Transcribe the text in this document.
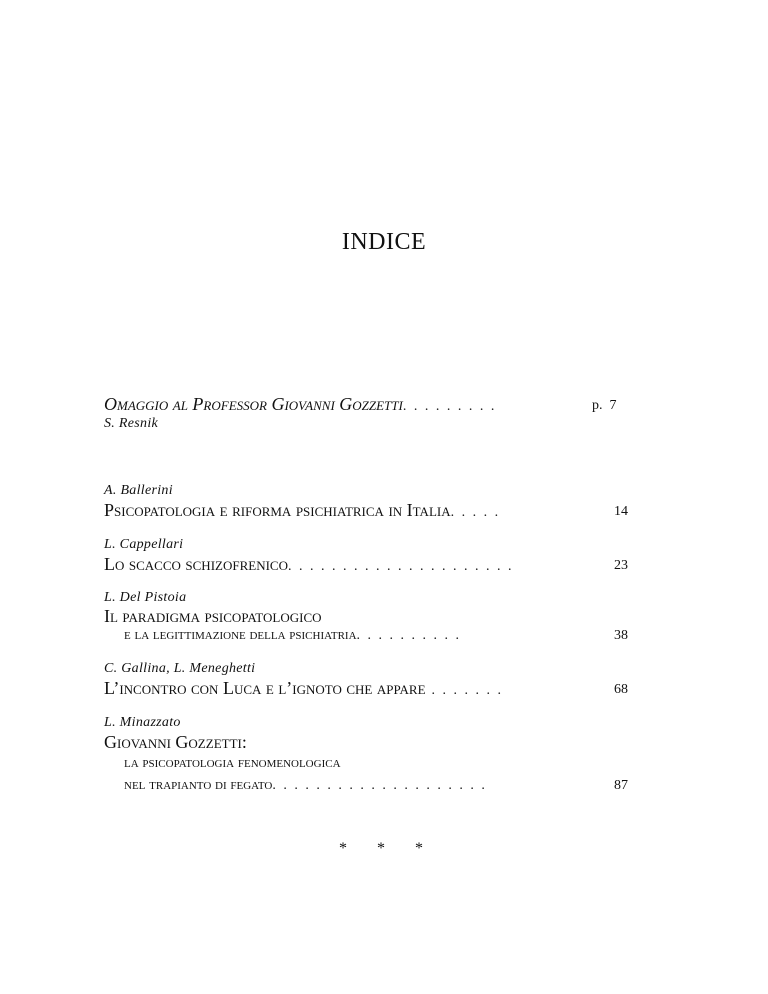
INDICE
Omaggio al Professor Giovanni Gozzetti. . . . . . . . .	p. 7
S. Resnik
A. Ballerini
Psicopatologia e riforma psichiatrica in Italia. . . . .	14
L. Cappellari
Lo scacco schizofrenico. . . . . . . . . . . . . . . . . . . . .	23
L. Del Pistoia
Il paradigma psicopatologico
e la legittimazione della psichiatria. . . . . . . . . .	38
C. Gallina, L. Meneghetti
L’incontro con Luca e l’ignoto che appare . . . . . . .	68
L. Minazzato
Giovanni Gozzetti:
la psicopatologia fenomenologica
nel trapianto di fegato. . . . . . . . . . . . . . . . . . . .	87
* * *
